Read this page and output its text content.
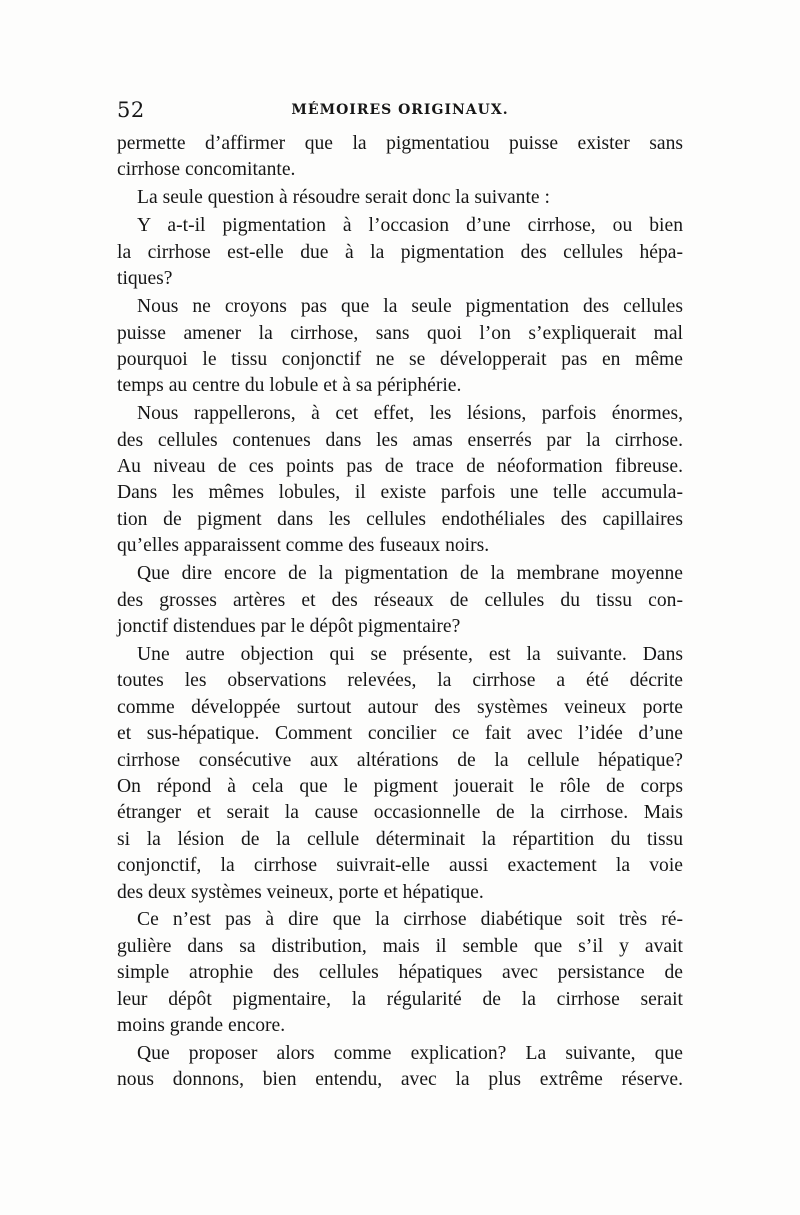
52	MÉMOIRES ORIGINAUX.
permette d’affirmer que la pigmentatiou puisse exister sans
cirrhose concomitante.
La seule question à résoudre serait donc la suivante :
Y a-t-il pigmentation à l’occasion d’une cirrhose, ou bien
la cirrhose est-elle due à la pigmentation des cellules hépa-
tiques?
Nous ne croyons pas que la seule pigmentation des cellules
puisse amener la cirrhose, sans quoi l’on s’expliquerait mal
pourquoi le tissu conjonctif ne se développerait pas en même
temps au centre du lobule et à sa périphérie.
Nous rappellerons, à cet effet, les lésions, parfois énormes,
des cellules contenues dans les amas enserrés par la cirrhose.
Au niveau de ces points pas de trace de néoformation fibreuse.
Dans les mêmes lobules, il existe parfois une telle accumula-
tion de pigment dans les cellules endothéliales des capillaires
qu’elles apparaissent comme des fuseaux noirs.
Que dire encore de la pigmentation de la membrane moyenne
des grosses artères et des réseaux de cellules du tissu con-
jonctif distendues par le dépôt pigmentaire?
Une autre objection qui se présente, est la suivante. Dans
toutes les observations relevées, la cirrhose a été décrite
comme développée surtout autour des systèmes veineux porte
et sus-hépatique. Comment concilier ce fait avec l’idée d’une
cirrhose consécutive aux altérations de la cellule hépatique?
On répond à cela que le pigment jouerait le rôle de corps
étranger et serait la cause occasionnelle de la cirrhose. Mais
si la lésion de la cellule déterminait la répartition du tissu
conjonctif, la cirrhose suivrait-elle aussi exactement la voie
des deux systèmes veineux, porte et hépatique.
Ce n’est pas à dire que la cirrhose diabétique soit très ré-
gulière dans sa distribution, mais il semble que s’il y avait
simple atrophie des cellules hépatiques avec persistance de
leur dépôt pigmentaire, la régularité de la cirrhose serait
moins grande encore.
Que proposer alors comme explication? La suivante, que
nous donnons, bien entendu, avec la plus extrême réserve.
